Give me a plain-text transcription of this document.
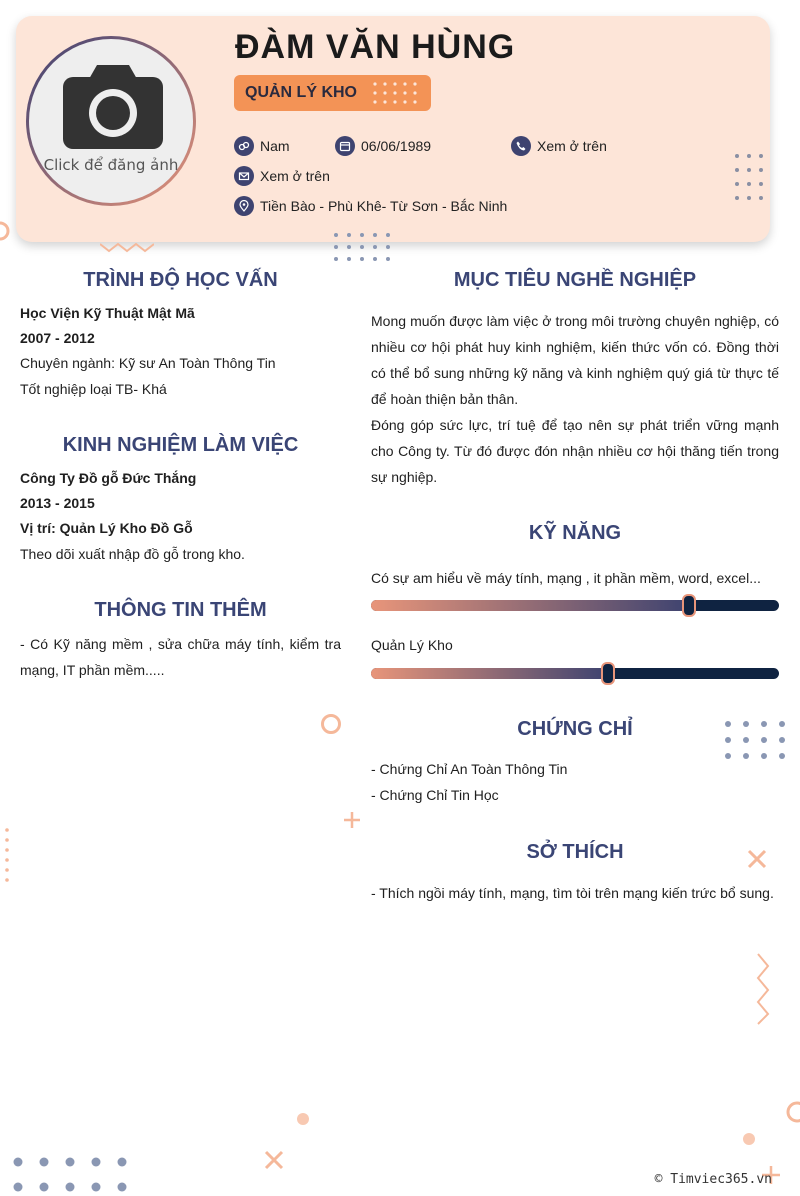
Click để đăng ảnh
ĐÀM VĂN HÙNG
QUẢN LÝ KHO
Nam	06/06/1989	Xem ở trên
Xem ở trên
Tiền Bào - Phù Khê- Từ Sơn - Bắc Ninh
TRÌNH ĐỘ HỌC VẤN
Học Viện Kỹ Thuật Mật Mã
2007 - 2012
Chuyên ngành: Kỹ sư An Toàn Thông Tin
Tốt nghiệp loại TB- Khá
KINH NGHIỆM LÀM VIỆC
Công Ty Đồ gỗ Đức Thắng
2013 - 2015
Vị trí: Quản Lý Kho Đồ Gỗ
Theo dõi xuất nhập đồ gỗ trong kho.
THÔNG TIN THÊM
- Có Kỹ năng mềm , sửa chữa máy tính, kiểm tra mạng, IT phần mềm.....
MỤC TIÊU NGHỀ NGHIỆP
Mong muốn được làm việc ở trong môi trường chuyên nghiệp, có nhiều cơ hội phát huy kinh nghiệm, kiến thức vốn có. Đồng thời có thể bổ sung những kỹ năng và kinh nghiệm quý giá từ thực tế để hoàn thiện bản thân.
Đóng góp sức lực, trí tuệ để tạo nên sự phát triển vững mạnh cho Công ty. Từ đó được đón nhận nhiều cơ hội thăng tiến trong sự nghiệp.
KỸ NĂNG
Có sự am hiểu về máy tính, mạng , it phần mềm, word, excel...
Quản Lý Kho
CHỨNG CHỈ
- Chứng Chỉ An Toàn Thông Tin
- Chứng Chỉ Tin Học
SỞ THÍCH
- Thích ngồi máy tính, mạng, tìm tòi trên mạng kiến trức bổ sung.
© Timviec365.vn
